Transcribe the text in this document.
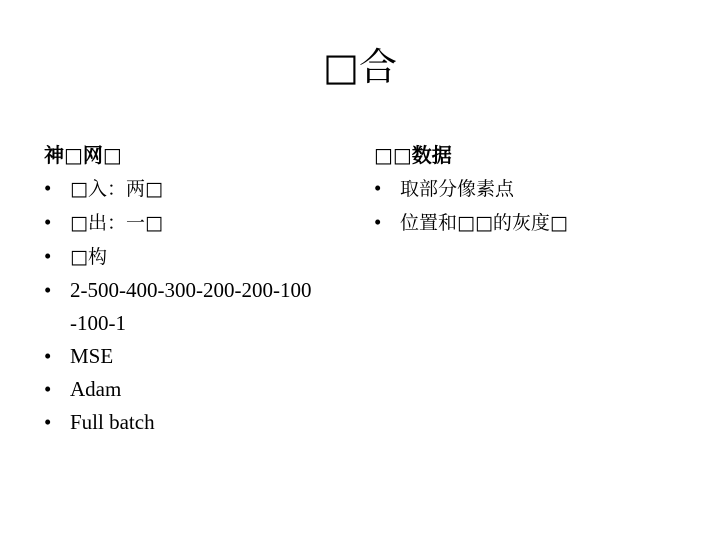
□合
神□网□
• □入：两□
• □出：一□
• □构
• 2-500-400-300-200-200-100
-100-1
• MSE
• Adam
• Full batch
□□数据
• 取部分像素点
• 位置和□□的灰度□
